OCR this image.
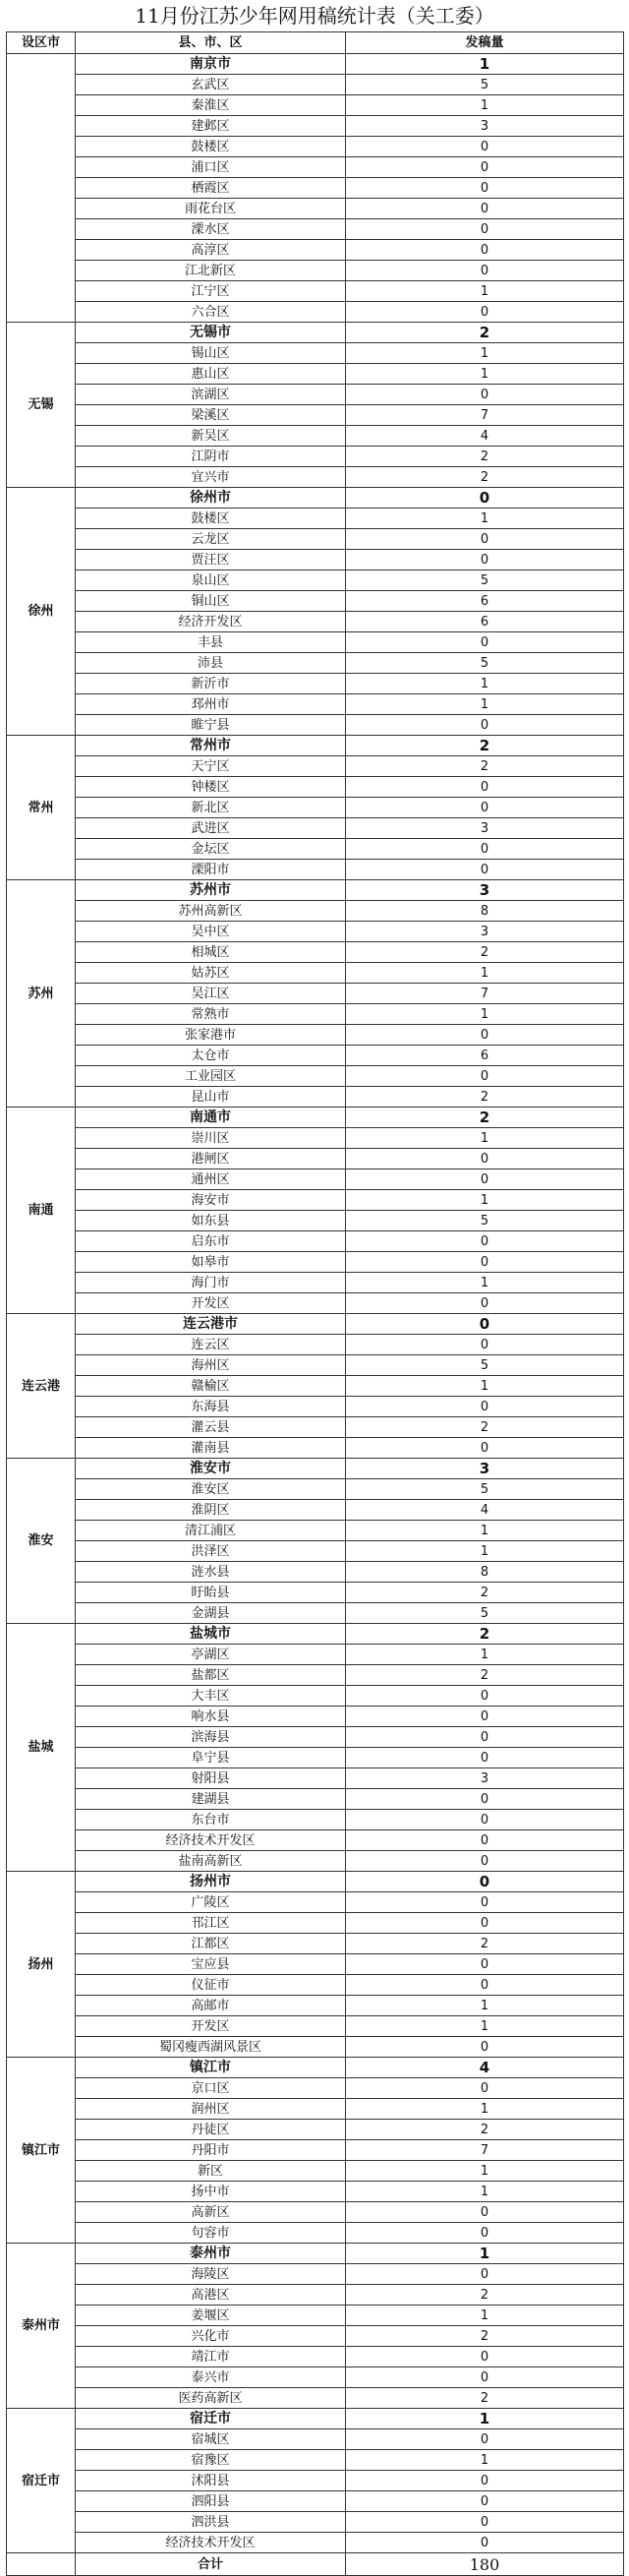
11月份江苏少年网用稿统计表（关工委）
设区市	县、市、区	发稿量
	南京市	1
	玄武区	5
	秦淮区	1
	建邺区	3
	鼓楼区	0
	浦口区	0
	栖霞区	0
	雨花台区	0
	溧水区	0
	高淳区	0
	江北新区	0
	江宁区	1
	六合区	0
无锡	无锡市	2
	锡山区	1
	惠山区	1
	滨湖区	0
	梁溪区	7
	新吴区	4
	江阴市	2
	宜兴市	2
徐州	徐州市	0
	鼓楼区	1
	云龙区	0
	贾汪区	0
	泉山区	5
	铜山区	6
	经济开发区	6
	丰县	0
	沛县	5
	新沂市	1
	邳州市	1
	睢宁县	0
常州	常州市	2
	天宁区	2
	钟楼区	0
	新北区	0
	武进区	3
	金坛区	0
	溧阳市	0
苏州	苏州市	3
	苏州高新区	8
	吴中区	3
	相城区	2
	姑苏区	1
	吴江区	7
	常熟市	1
	张家港市	0
	太仓市	6
	工业园区	0
	昆山市	2
南通	南通市	2
	崇川区	1
	港闸区	0
	通州区	0
	海安市	1
	如东县	5
	启东市	0
	如皋市	0
	海门市	1
	开发区	0
连云港	连云港市	0
	连云区	0
	海州区	5
	赣榆区	1
	东海县	0
	灌云县	2
	灌南县	0
淮安	淮安市	3
	淮安区	5
	淮阴区	4
	清江浦区	1
	洪泽区	1
	涟水县	8
	盱眙县	2
	金湖县	5
盐城	盐城市	2
	亭湖区	1
	盐都区	2
	大丰区	0
	响水县	0
	滨海县	0
	阜宁县	0
	射阳县	3
	建湖县	0
	东台市	0
	经济技术开发区	0
	盐南高新区	0
扬州	扬州市	0
	广陵区	0
	邗江区	0
	江都区	2
	宝应县	0
	仪征市	0
	高邮市	1
	开发区	1
	蜀冈瘦西湖风景区	0
镇江市	镇江市	4
	京口区	0
	润州区	1
	丹徒区	2
	丹阳市	7
	新区	1
	扬中市	1
	高新区	0
	句容市	0
泰州市	泰州市	1
	海陵区	0
	高港区	2
	姜堰区	1
	兴化市	2
	靖江市	0
	泰兴市	0
	医药高新区	2
宿迁市	宿迁市	1
	宿城区	0
	宿豫区	1
	沭阳县	0
	泗阳县	0
	泗洪县	0
	经济技术开发区	0
	合计	180
